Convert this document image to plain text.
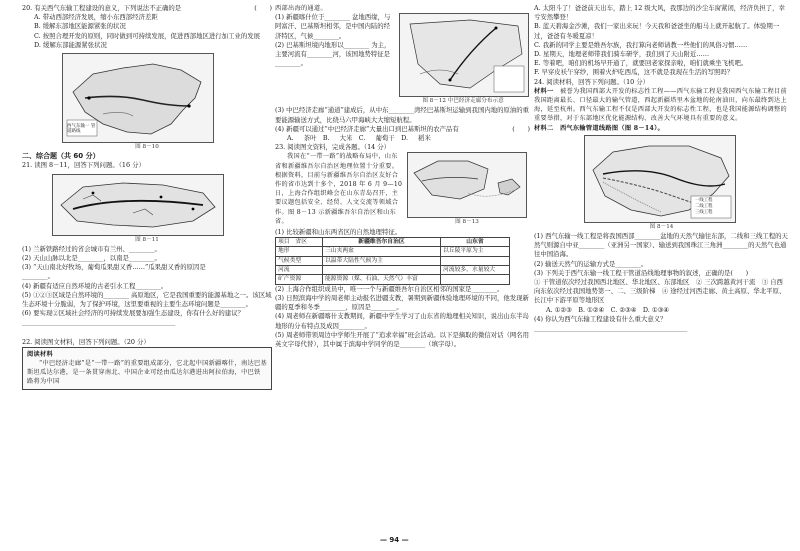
20. 有关西气东输工程建设的意义，下列说法不正确的是	(　　)

A. 带动西部经济发展，缩小东西部经济差距

B. 缓解东部地区能源紧张的状况

C. 按照合理开发的原则，同时做到可持续发展，促进西部地区进行加工业的发展

D. 缓解东部能源紧张状况

西气东输一 管道路线

图 8－10

二、综合题（共 60 分）

21. 读图 8－11，回答下列问题。（16 分）

图 8－11

(1) 兰新铁路经过的省会城市有兰州、________。

(2) 天山山脉以北是________，以南是________。

(3) “天山南北好牧场，葡萄瓜果甜又香……”瓜果甜又香的原因是

________。

(4) 新疆有适应自然环境的古老引水工程________。

(5) ①②③区域是自然环境的________ 高原地区，它是我国重要的能源基地之一。该区域生态环境十分脆弱，为了保护环境，这里要重视的主要生态环境问题是________。

(6) 要实现②区域社会经济的可持续发展要加强生态建设，你有什么好的建议？

________________________________________________

22. 阅读图文材料，回答下列问题。（20 分）

阅读材料

“中巴经济走廊”是“一带一路”的重要组成部分，它北起中国新疆喀什，南达巴基斯坦瓜达尔港，是一条贯穿南北、中国企业可经由瓜达尔港进出阿拉伯海，中巴铁路将为中国

西部出海的通道。

(1) 新疆喀什位于________ 盆地西缘，与阿富汗、巴基斯坦相邻，是中国内陆的经济特区，气候________。

(2) 巴基斯坦境内地形以________ 为主，主要河流有________河，该国地势特征是________。

图 8－12 中巴经济走廊分布示意

(3) 中巴经济走廊“通道”建成后，从中东________湾经巴基斯坦运输到我国内地的原油的重要能源输送方式，比绕马六甲海峡大大缩短航程。

(4) 新疆可以通过“中巴经济走廊”大量出口到巴基斯坦的农产品有	(　　)

A. 茶叶　 B. 大米　 C. 葡萄干　 D. 稻米

23. 阅读图文资料，完成各题。（14 分）

我国在“一带一路”的战略布局中，山东省和新疆维吾尔自治区地理位置十分重要。根据资料，目前与新疆维吾尔自治区友好合作的省市达到十多个，2018 年 6 月 9—10 日，上海合作组织峰会在山东青岛召开，主要议题包括安全、经贸、人文交流等领域合作。图 8－13 示新疆维吾尔自治区和山东省。	图 8－13

(1) 比较新疆和山东两省区的自然地理特征。

项目　省区	新疆维吾尔自治区	山东省
地形	三山夹两盆	以丘陵平原为主
气候类型	以温带大陆性气候为主	
河流		河流较多，水量较大
矿产资源	能源资源（煤、石油、天然气）丰富	

(2) 上海合作组织成员中，唯一一个与新疆维吾尔自治区相邻的国家是________。

(3) 日照滨海中学的周老师主动报名进疆支教，暑期到新疆体验地理环境的不同，他发现新疆的夏季和冬季________，原因是________。

(4) 周老师在新疆喀什支教期间，新疆中学生学习了山东省的地理相关知识，说出山东半岛地形的分布特点及成因________。

(5) 周老师带领周边中学师生开展了“追求幸福”班会活动。以下是摘取的微信对话（网名用英文字母代替），其中属于滨海中学同学的是________（填字母）。

A. 太阳斗了！爸爸前天出车，踏上 12 级大风，我那边的沙尘车窗紧闭，经济负担了，幸亏安然攀登！

B. 蓝天碧海金沙滩，我们一家出来玩！今天我和爸爸坐的船马上就开起航了。体验期一过，爸爸有冬暖夏凉！

C. 我新的同学主要是维吾尔族，我打算向老师请教一些他们的风俗习惯……

D. 星期天，地理老师带我们骑车研学，我们到了天山附近……

E. 等着吧，咱们的机场早开通了，就要回老家探亲啦，咱们就乘坐飞机吧。

F. 早穿皮袄午穿纱，围着火炉吃西瓜，这不就是我现在生活的写照吗？

24. 阅读材料，回答下列问题。（10 分）

材料一　 被誉为我国西部大开发的标志性工程——西气东输工程是我国西气东输工程目前我国距离最长、口径最大的输气管道，西起新疆塔里木盆地的轮南油田，向东最终到达上海，延至杭州。西气东输工程不仅是西部大开发的标志性工程，也是我国能源结构调整的重要举措，对于东部地区优化能源结构、改善大气环境具有重要的意义。

材料二　西气东输管道线路图（图 8－14）。

一线工程
二线工程
三线工程

图 8－14

(1) 西气东输一线工程是将我国西部________盆地的天然气输往东部，二线和三线工程的天然气则源自中亚________（亚洲另一国家）、输送到我国珠江三角洲________的天然气也通往中国沿海。

(2) 输送天然气的运输方式是________。

(3) 下列关于西气东输一线工程干管道沿线地理事物的叙述，正确的是(　　)

① 干管道依次经过我国西北地区、华北地区、东部地区　② 三次跨越黄河干流　③ 自西向东依次经过我国地势第一、二、三级阶梯　④ 途经过河西走廊、黄土高原、华北平原、长江中下游平原等地形区

A. ①②③　B. ①②④　C. ②③④　D. ①③④

(4) 你认为西气东输工程建设有什么重大意义？

________________________________________________

— 94 —
